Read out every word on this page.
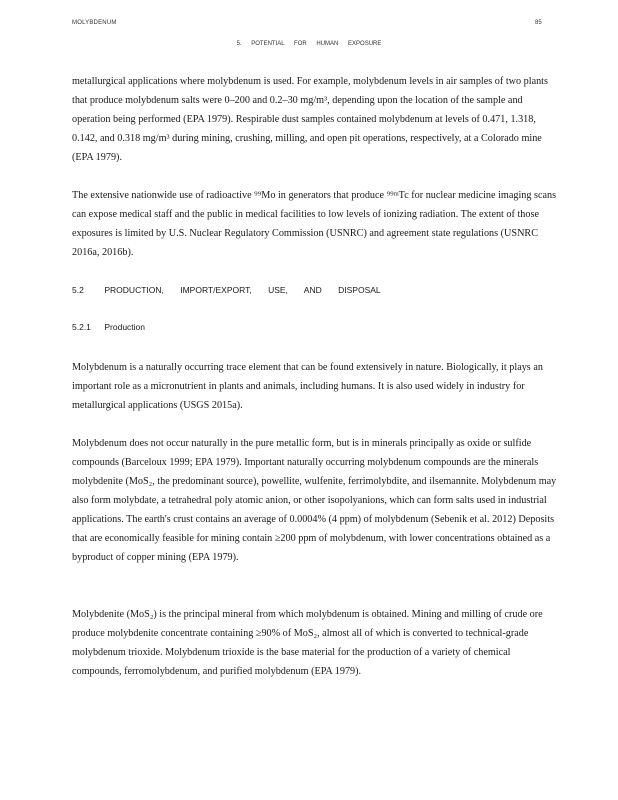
MOLYBDENUM	85
5. POTENTIAL FOR HUMAN EXPOSURE

metallurgical applications where molybdenum is used. For example, molybdenum levels in air samples of two plants that produce molybdenum salts were 0–200 and 0.2–30 mg/m³, depending upon the location of the sample and operation being performed (EPA 1979). Respirable dust samples contained molybdenum at levels of 0.471, 1.318, 0.142, and 0.318 mg/m³ during mining, crushing, milling, and open pit operations, respectively, at a Colorado mine (EPA 1979).

The extensive nationwide use of radioactive ⁹⁹Mo in generators that produce ⁹⁹ᵐTc for nuclear medicine imaging scans can expose medical staff and the public in medical facilities to low levels of ionizing radiation. The extent of those exposures is limited by U.S. Nuclear Regulatory Commission (USNRC) and agreement state regulations (USNRC 2016a, 2016b).

5.2 PRODUCTION, IMPORT/EXPORT, USE, AND DISPOSAL
5.2.1 Production

Molybdenum is a naturally occurring trace element that can be found extensively in nature. Biologically, it plays an important role as a micronutrient in plants and animals, including humans. It is also used widely in industry for metallurgical applications (USGS 2015a).

Molybdenum does not occur naturally in the pure metallic form, but is in minerals principally as oxide or sulfide compounds (Barceloux 1999; EPA 1979). Important naturally occurring molybdenum compounds are the minerals molybdenite (MoS₂, the predominant source), powellite, wulfenite, ferrimolybdite, and ilsemannite. Molybdenum may also form molybdate, a tetrahedral poly atomic anion, or other isopolyanions, which can form salts used in industrial applications. The earth's crust contains an average of 0.0004% (4 ppm) of molybdenum (Sebenik et al. 2012) Deposits that are economically feasible for mining contain ≥200 ppm of molybdenum, with lower concentrations obtained as a byproduct of copper mining (EPA 1979).

Molybdenite (MoS₂) is the principal mineral from which molybdenum is obtained. Mining and milling of crude ore produce molybdenite concentrate containing ≥90% of MoS₂, almost all of which is converted to technical-grade molybdenum trioxide. Molybdenum trioxide is the base material for the production of a variety of chemical compounds, ferromolybdenum, and purified molybdenum (EPA 1979).
